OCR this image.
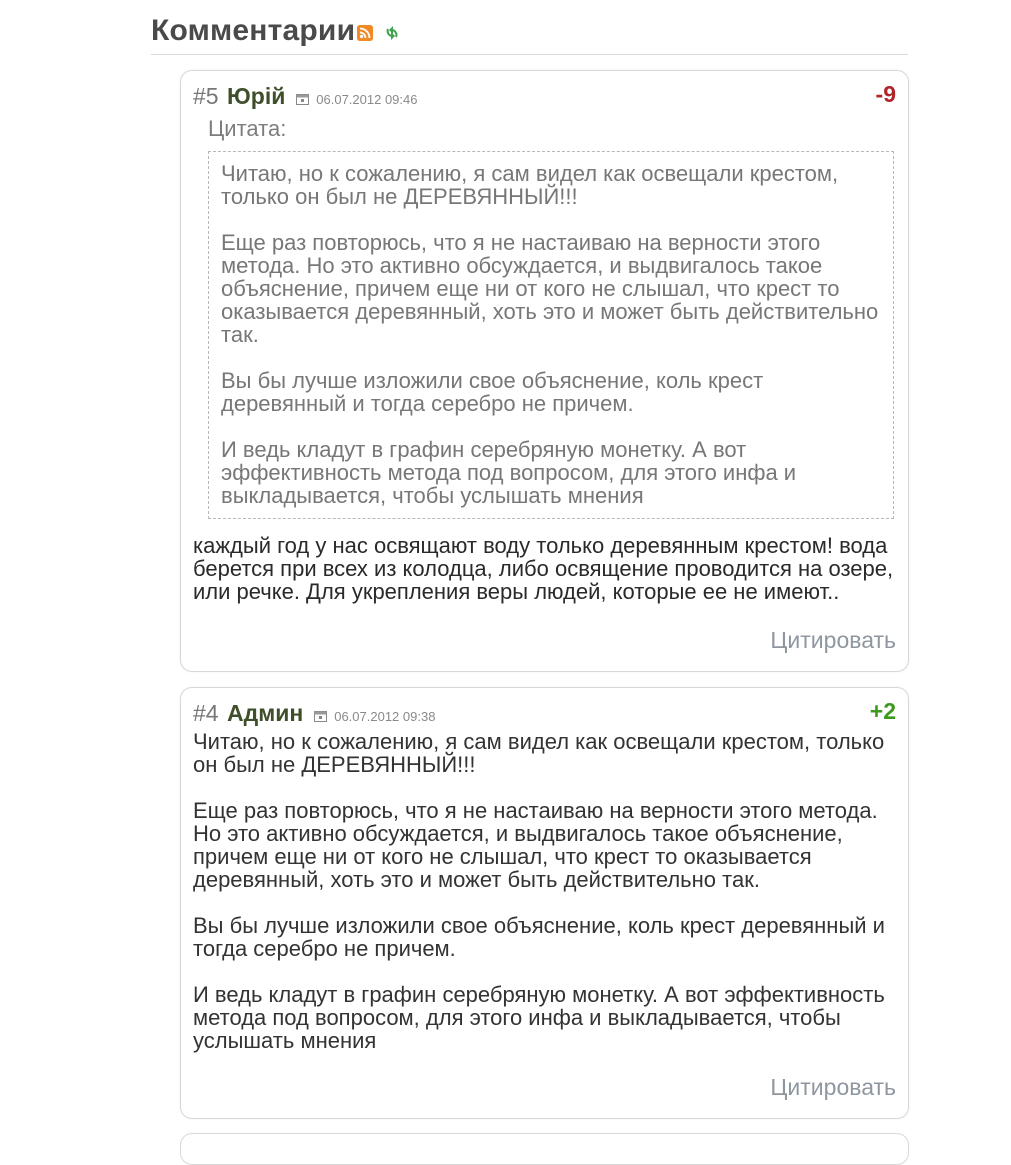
Комментарии
#5 Юрій 06.07.2012 09:46	-9
Цитата:

Читаю, но к сожалению, я сам видел как освещали крестом, только он был не ДЕРЕВЯННЫЙ!!!

Еще раз повторюсь, что я не настаиваю на верности этого метода. Но это активно обсуждается, и выдвигалось такое объяснение, причем еще ни от кого не слышал, что крест то оказывается деревянный, хоть это и может быть действительно так.

Вы бы лучше изложили свое объяснение, коль крест деревянный и тогда серебро не причем.

И ведь кладут в графин серебряную монетку. А вот эффективность метода под вопросом, для этого инфа и выкладывается, чтобы услышать мнения

каждый год у нас освящают воду только деревянным крестом! вода берется при всех из колодца, либо освящение проводится на озере, или речке. Для укрепления веры людей, которые ее не имеют..

Цитировать
#4 Админ 06.07.2012 09:38	+2

Читаю, но к сожалению, я сам видел как освещали крестом, только он был не ДЕРЕВЯННЫЙ!!!

Еще раз повторюсь, что я не настаиваю на верности этого метода. Но это активно обсуждается, и выдвигалось такое объяснение, причем еще ни от кого не слышал, что крест то оказывается деревянный, хоть это и может быть действительно так.

Вы бы лучше изложили свое объяснение, коль крест деревянный и тогда серебро не причем.

И ведь кладут в графин серебряную монетку. А вот эффективность метода под вопросом, для этого инфа и выкладывается, чтобы услышать мнения

Цитировать
